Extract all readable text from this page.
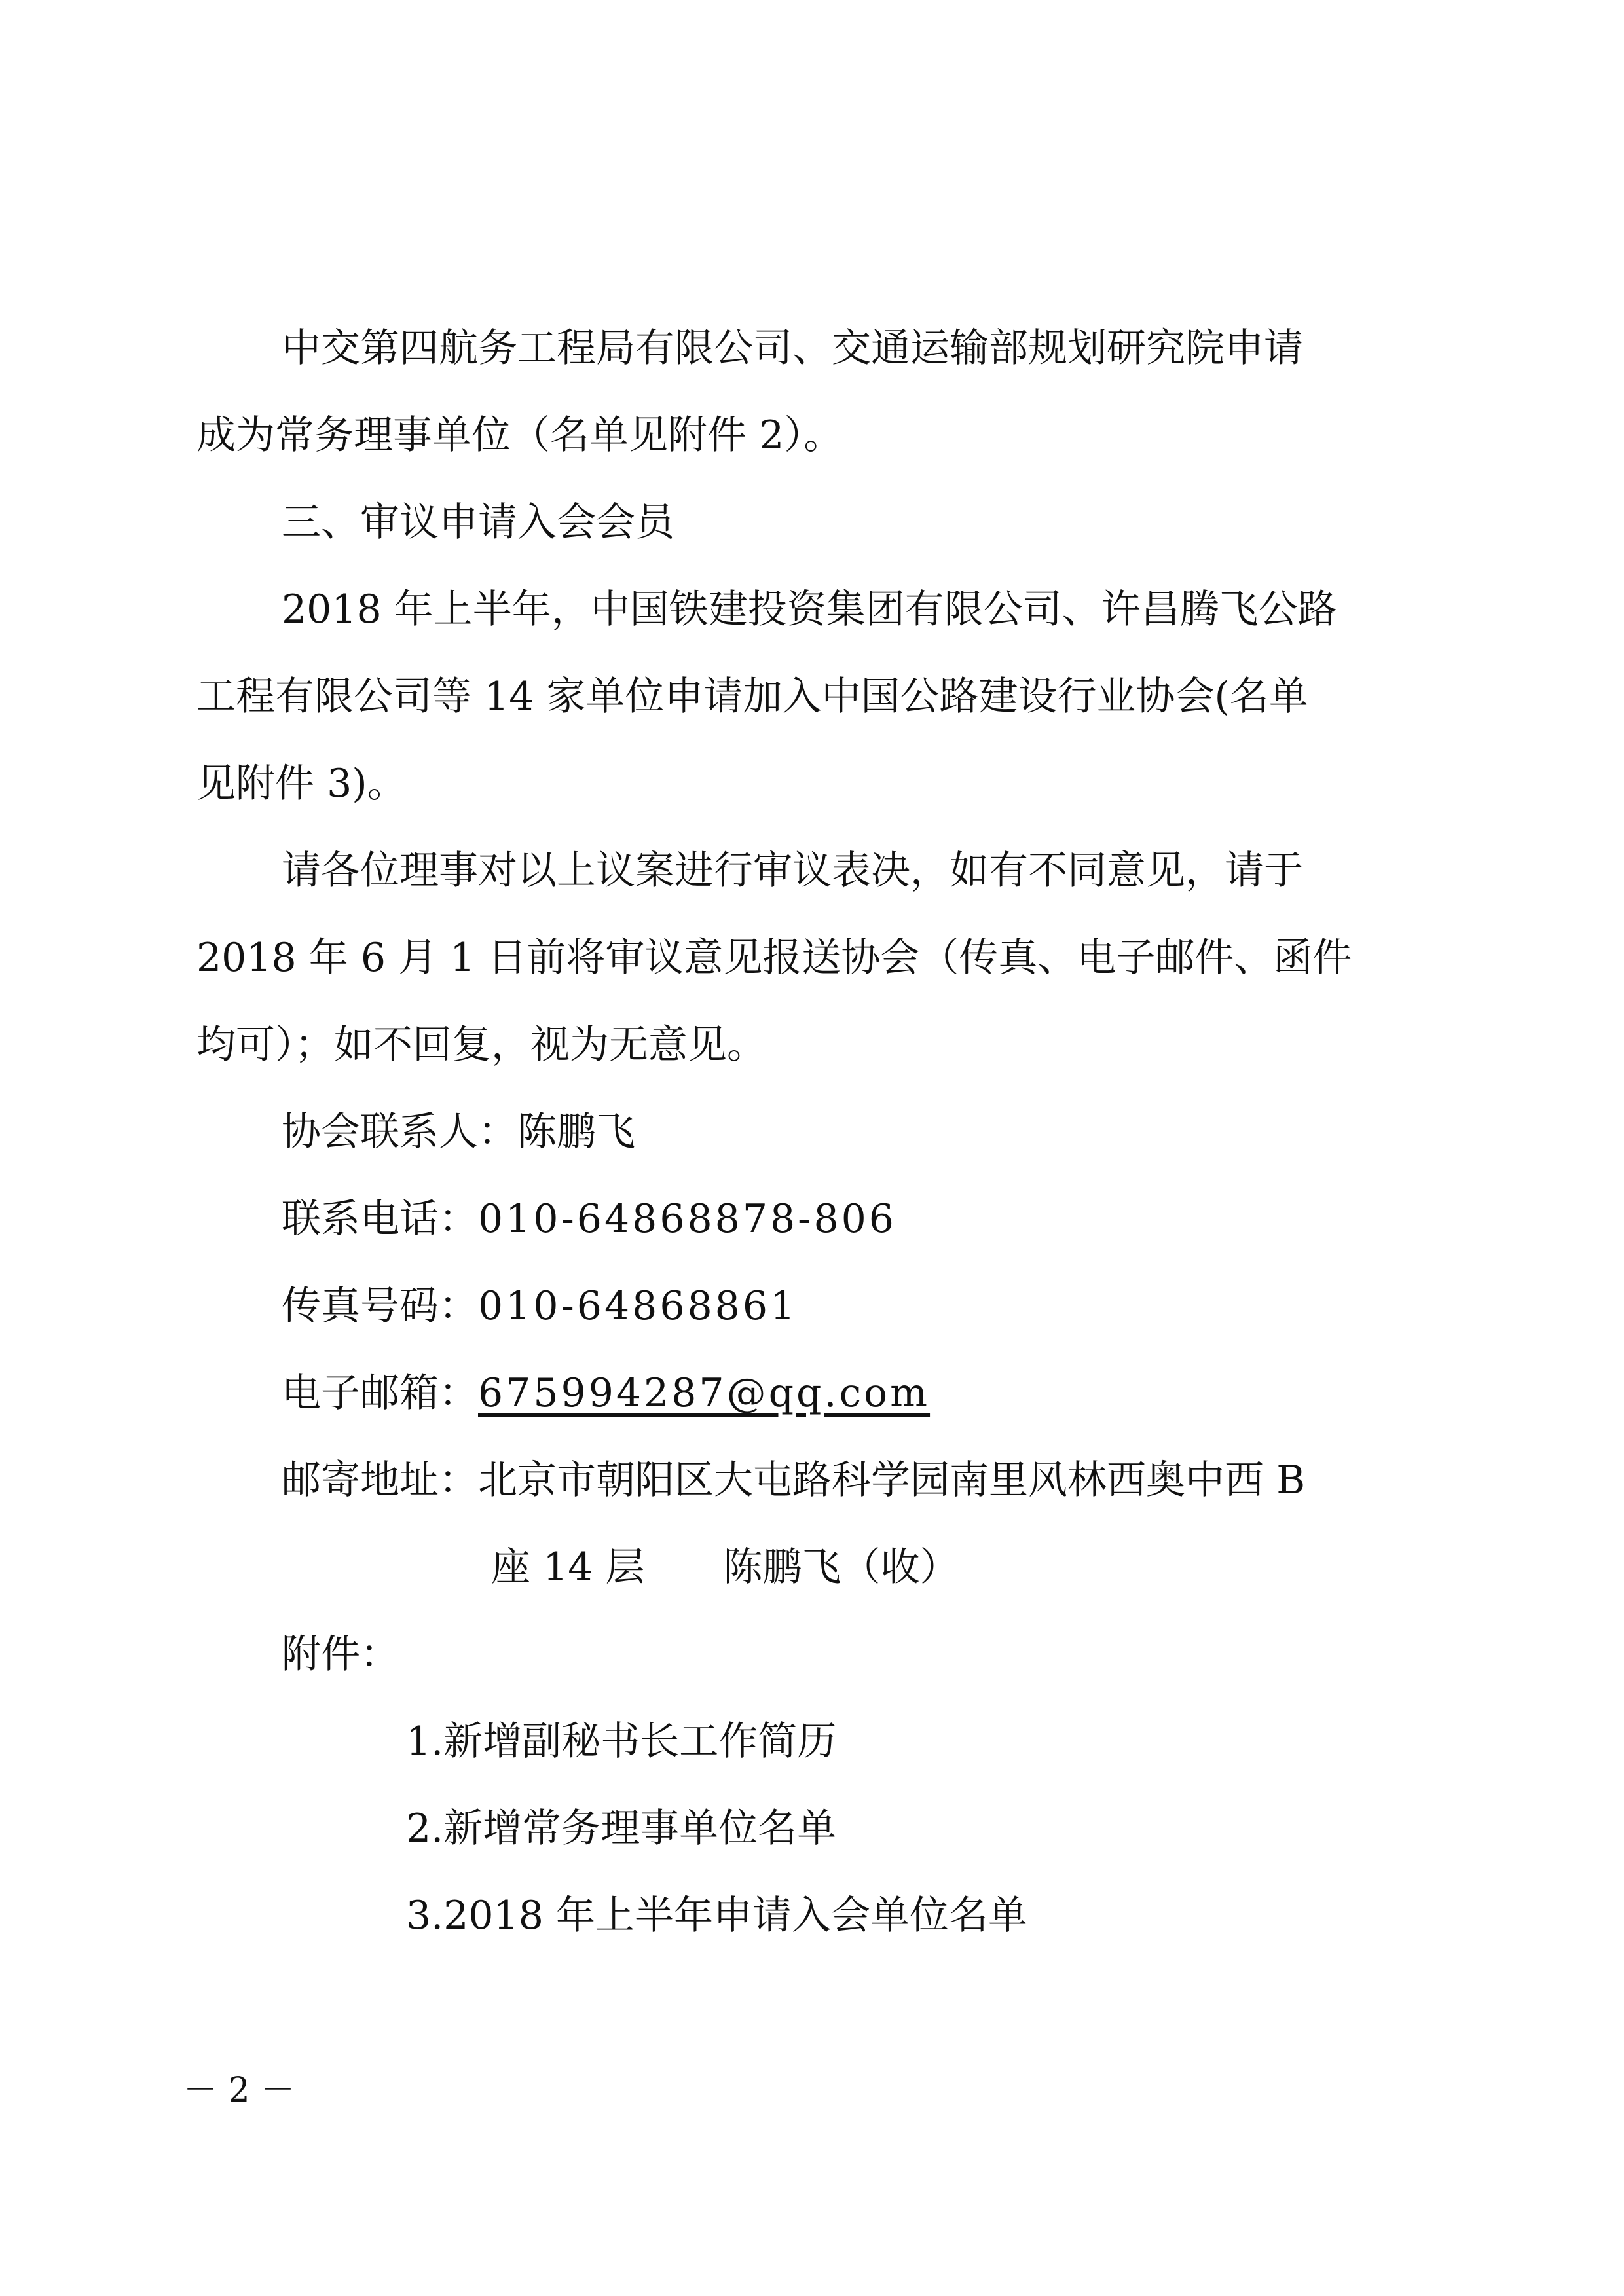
中交第四航务工程局有限公司、交通运输部规划研究院申请
成为常务理事单位（名单见附件 2）。
三、审议申请入会会员
2018 年上半年，中国铁建投资集团有限公司、许昌腾飞公路
工程有限公司等 14 家单位申请加入中国公路建设行业协会(名单
见附件 3)。
请各位理事对以上议案进行审议表决，如有不同意见，请于
2018 年 6 月 1 日前将审议意见报送协会（传真、电子邮件、函件
均可）；如不回复，视为无意见。
协会联系人：陈鹏飞
联系电话：010-64868878-806
传真号码：010-64868861
电子邮箱：675994287@qq.com
邮寄地址：北京市朝阳区大屯路科学园南里风林西奥中西 B
座 14 层　　陈鹏飞（收）
附件：
1.新增副秘书长工作简历
2.新增常务理事单位名单
3.2018 年上半年申请入会单位名单
－ 2 －
